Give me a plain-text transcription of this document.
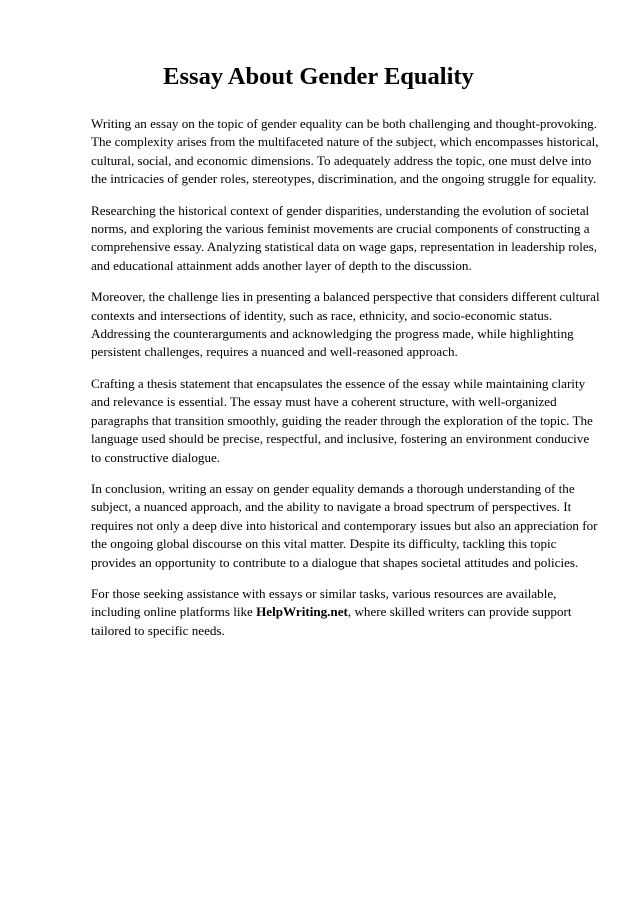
Essay About Gender Equality

Writing an essay on the topic of gender equality can be both challenging and thought-provoking.
The complexity arises from the multifaceted nature of the subject, which encompasses historical,
cultural, social, and economic dimensions. To adequately address the topic, one must delve into
the intricacies of gender roles, stereotypes, discrimination, and the ongoing struggle for equality.

Researching the historical context of gender disparities, understanding the evolution of societal
norms, and exploring the various feminist movements are crucial components of constructing a
comprehensive essay. Analyzing statistical data on wage gaps, representation in leadership roles,
and educational attainment adds another layer of depth to the discussion.

Moreover, the challenge lies in presenting a balanced perspective that considers different cultural
contexts and intersections of identity, such as race, ethnicity, and socio-economic status.
Addressing the counterarguments and acknowledging the progress made, while highlighting
persistent challenges, requires a nuanced and well-reasoned approach.

Crafting a thesis statement that encapsulates the essence of the essay while maintaining clarity
and relevance is essential. The essay must have a coherent structure, with well-organized
paragraphs that transition smoothly, guiding the reader through the exploration of the topic. The
language used should be precise, respectful, and inclusive, fostering an environment conducive
to constructive dialogue.

In conclusion, writing an essay on gender equality demands a thorough understanding of the
subject, a nuanced approach, and the ability to navigate a broad spectrum of perspectives. It
requires not only a deep dive into historical and contemporary issues but also an appreciation for
the ongoing global discourse on this vital matter. Despite its difficulty, tackling this topic
provides an opportunity to contribute to a dialogue that shapes societal attitudes and policies.

For those seeking assistance with essays or similar tasks, various resources are available,
including online platforms like HelpWriting.net, where skilled writers can provide support
tailored to specific needs.
